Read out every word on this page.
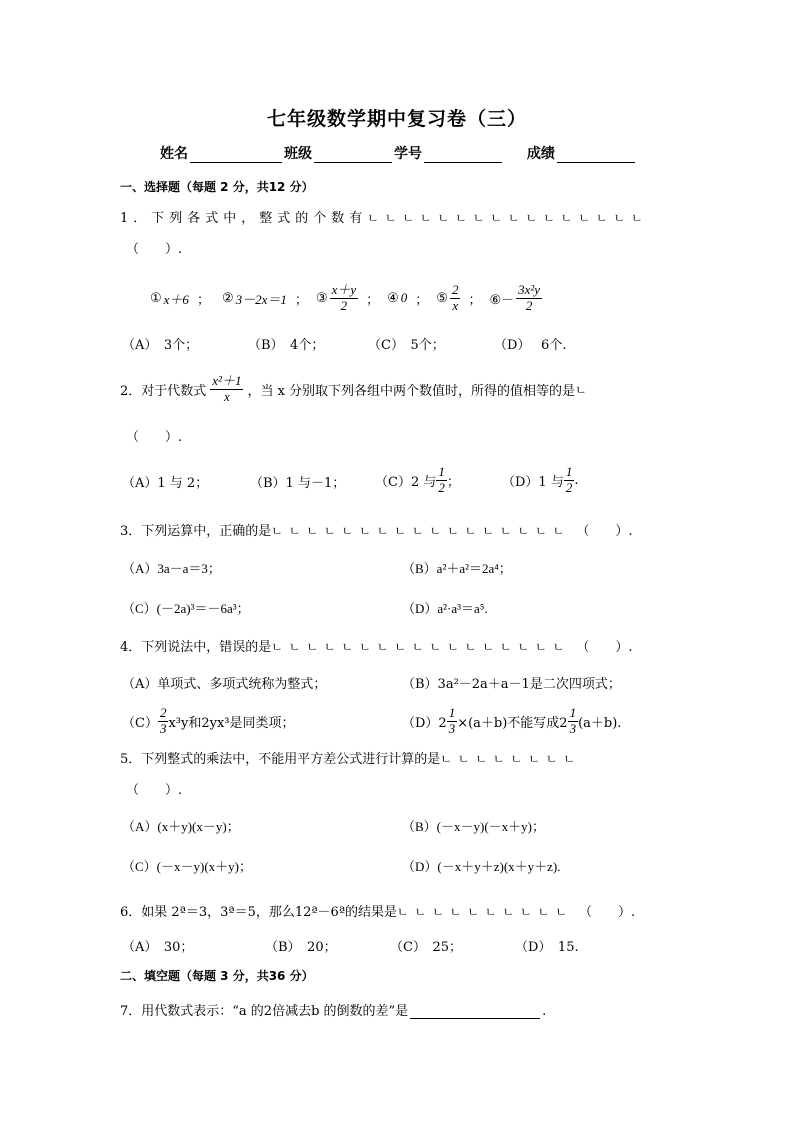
七年级数学期中复习卷（三）
姓名	班级	学号	成绩
一、选择题（每题 2 分，共12 分）
1．下列各式中，整式的个数有ㄴㄴㄴㄴㄴㄴㄴㄴㄴㄴㄴㄴㄴㄴㄴㄴ
（　　）.
① x＋6 ； ② 3－2x＝1 ； ③ $\frac{x+y}{2}$ ； ④ 0 ； ⑤ $\frac{2}{x}$ ； ⑥－ $\frac{\text{3x²y}}{2}$
（A）　3个；	（B）　4个；	（C）　5个；	（D）　 6个.
2．对于代数式 $\frac{\text{x²＋1}}{x}$ ，当 x 分别取下列各组中两个数值时，所得的值相等的是 ㄴ
（　　）.
（A）1 与 2；	（B）1 与－1； （C）2 与 $\frac{1}{2}$ ；	（D）1 与 $\frac{1}{2}$ .
3．下列运算中，正确的是ㄴㄴㄴㄴㄴㄴㄴㄴㄴㄴㄴㄴㄴㄴㄴㄴㄴ （　　）.
（A）3a－a＝3；	（B）a²＋a²＝2a⁴；
（C）(－2a)³＝－6a³；	（D）a²·a³＝a⁵.
4．下列说法中，错误的是ㄴㄴㄴㄴㄴㄴㄴㄴㄴㄴㄴㄴㄴㄴㄴㄴㄴ （　　）.
（A）单项式、多项式统称为整式；	（B）3a²－2a＋a－1是二次四项式；
$(C) \frac{2}{3} x^3y$和2yx³是同类项；	$(D)2 \frac{1}{3} \times(a+b)$不能写成$2 \frac{1}{3} (a+b)$.
5．下列整式的乘法中，不能用平方差公式进行计算的是ㄴㄴㄴㄴㄴㄴㄴㄴ
（　　）.
（A）(x＋y)(x－y)；	（B）(－x－y)(－x＋y)；
（C）(－x－y)(x＋y)；	（D）(－x＋y＋z)(x＋y＋z).
6．如果 2ª＝3，3ª＝5，那么12ª－6ª的结果是ㄴㄴㄴㄴㄴㄴㄴㄴㄴㄴ （　　）.
（A）　30；	（B）　20；	（C）　25；	（D）　15.
二、填空题（每题 3 分，共36 分）
7．用代数式表示：“a 的2倍减去b 的倒数的差”是	.
